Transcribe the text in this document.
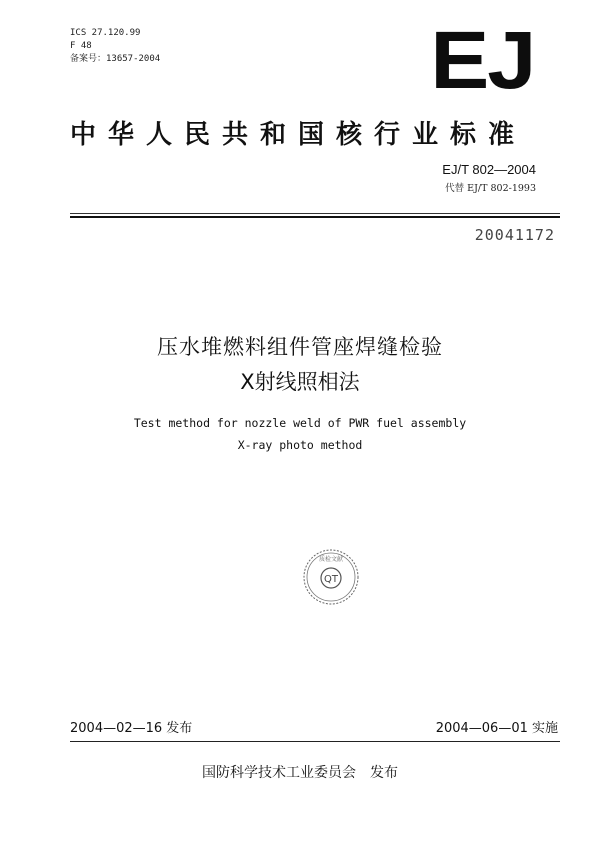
ICS 27.120.99
F 48
备案号：13657-2004	EJ
中华人民共和国核行业标准
EJ/T 802—2004
代替 EJ/T 802-1993
20041172
压水堆燃料组件管座焊缝检验
X射线照相法
Test method for nozzle weld of PWR fuel assembly
X-ray photo method
QT
质检文献
2004—02—16 发布	2004—06—01 实施
国防科学技术工业委员会 发布
